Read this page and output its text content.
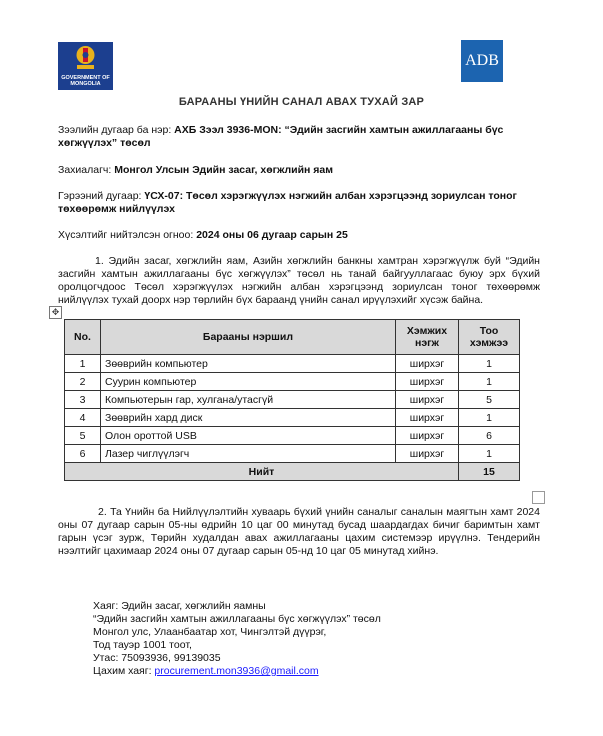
GOVERNMENT OF MONGOLIA
ADB
БАРААНЫ ҮНИЙН САНАЛ АВАХ ТУХАЙ ЗАР
Зээлийн дугаар ба нэр: АХБ Зээл 3936-MON: “Эдийн засгийн хамтын ажиллагааны бүс хөгжүүлэх” төсөл
Захиалагч: Монгол Улсын Эдийн засаг, хөгжлийн яам
Гэрээний дугаар: ҮСХ-07: Төсөл хэрэгжүүлэх нэгжийн албан хэрэгцээнд зориулсан тоног төхөөрөмж нийлүүлэх
Хүсэлтийг нийтэлсэн огноо: 2024 оны 06 дугаар сарын 25
1. Эдийн засаг, хөгжлийн яам, Азийн хөгжлийн банкны хамтран хэрэгжүүлж буй “Эдийн засгийн хамтын ажиллагааны бүс хөгжүүлэх” төсөл нь танай байгууллагаас буюу эрх бүхий оролцогчдоос Төсөл хэрэгжүүлэх нэгжийн албан хэрэгцээнд зориулсан тоног төхөөрөмж нийлүүлэх тухай доорх нэр төрлийн бүх бараанд үнийн санал ирүүлэхийг хүсэж байна.
✥
No.	Барааны нэршил	Хэмжих нэгж	Тоо хэмжээ
1	Зөөврийн компьютер	ширхэг	1
2	Суурин компьютер	ширхэг	1
3	Компьютерын гар, хулгана/утасгүй	ширхэг	5
4	Зөөврийн хард диск	ширхэг	1
5	Олон ороттой USB	ширхэг	6
6	Лазер чиглүүлэгч	ширхэг	1
Нийт			15
2. Та Үнийн ба Нийлүүлэлтийн хуваарь бүхий үнийн саналыг саналын маягтын хамт 2024 оны 07 дугаар сарын 05-ны өдрийн 10 цаг 00 минутад бусад шаардагдах бичиг баримтын хамт гарын үсэг зурж, Төрийн худалдан авах ажиллагааны цахим системээр ирүүлнэ. Тендерийн нээлтийг цахимаар 2024 оны 07 дугаар сарын 05-нд 10 цаг 05 минутад хийнэ.
Хаяг: Эдийн засаг, хөгжлийн яамны
“Эдийн засгийн хамтын ажиллагааны бүс хөгжүүлэх” төсөл
Монгол улс, Улаанбаатар хот, Чингэлтэй дүүрэг,
Тод тауэр 1001 тоот,
Утас: 75093936, 99139035
Цахим хаяг: procurement.mon3936@gmail.com
